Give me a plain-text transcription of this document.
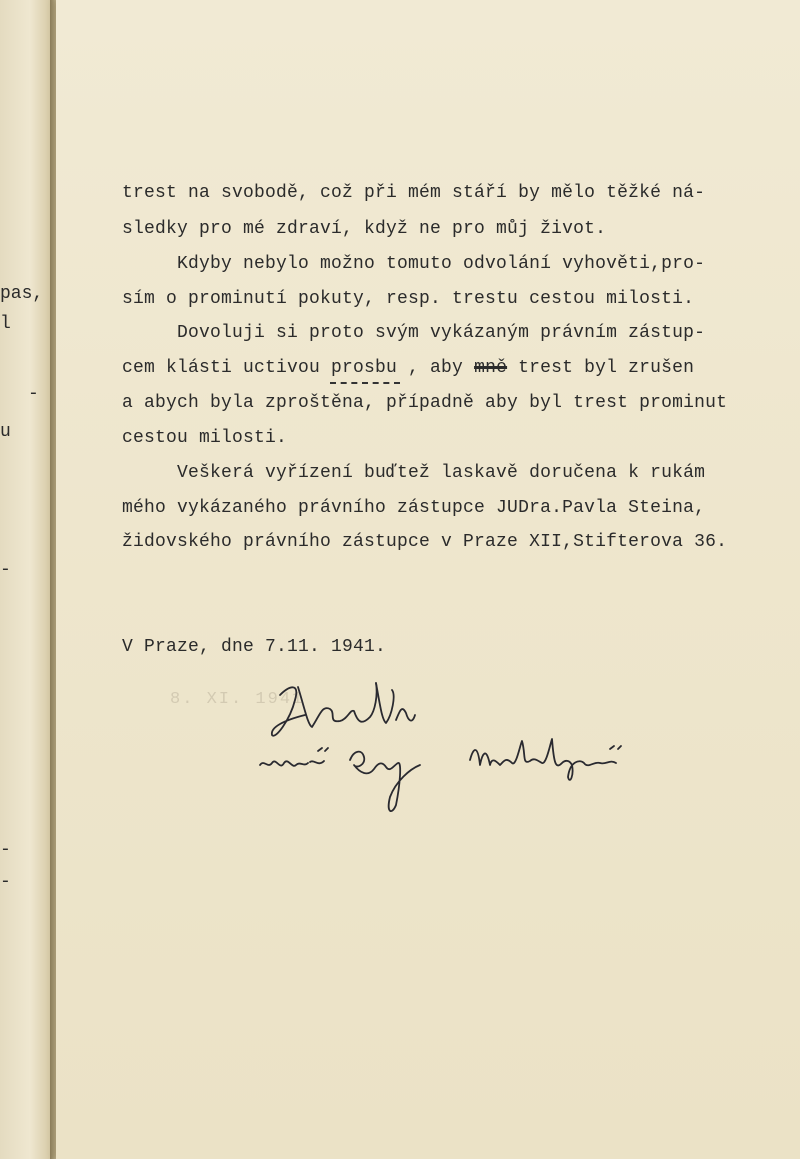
pas,
l
-
u
-
-
-
trest na svobodě, což při mém stáří by mělo těžké ná-
sledky pro mé zdraví, když ne pro můj život.
Kdyby nebylo možno tomuto odvolání vyhověti,pro-
sím o prominutí pokuty, resp. trestu cestou milosti.
Dovoluji si proto svým vykázaným právním zástup-
cem klásti uctivou prosbu , aby mně trest byl zrušen
a abych byla zproštěna, případně aby byl trest prominut
cestou milosti.
Veškerá vyřízení buďtež laskavě doručena k rukám
mého vykázaného právního zástupce JUDra.Pavla Steina,
židovského právního zástupce v Praze XII,Stifterova 36.
V Praze, dne 7.11. 1941.
8. XI. 1941
